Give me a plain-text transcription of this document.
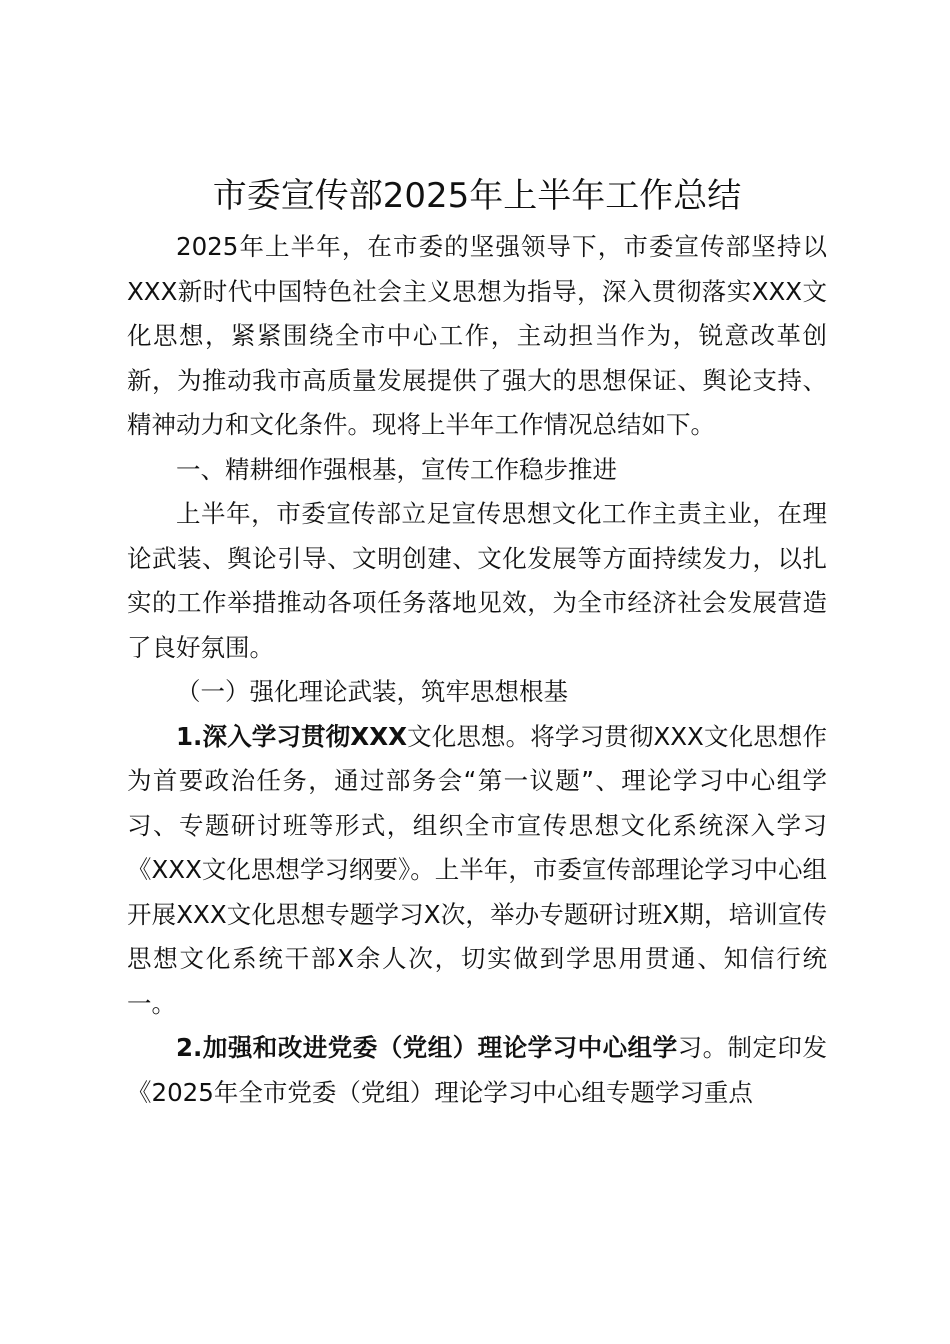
市委宣传部2025年上半年工作总结

2025年上半年，在市委的坚强领导下，市委宣传部坚持以XXX新时代中国特色社会主义思想为指导，深入贯彻落实XXX文化思想，紧紧围绕全市中心工作，主动担当作为，锐意改革创新，为推动我市高质量发展提供了强大的思想保证、舆论支持、精神动力和文化条件。现将上半年工作情况总结如下。

一、精耕细作强根基，宣传工作稳步推进

上半年，市委宣传部立足宣传思想文化工作主责主业，在理论武装、舆论引导、文明创建、文化发展等方面持续发力，以扎实的工作举措推动各项任务落地见效，为全市经济社会发展营造了良好氛围。

（一）强化理论武装，筑牢思想根基

1.深入学习贯彻XXX文化思想。将学习贯彻XXX文化思想作为首要政治任务，通过部务会“第一议题”、理论学习中心组学习、专题研讨班等形式，组织全市宣传思想文化系统深入学习《XXX文化思想学习纲要》。上半年，市委宣传部理论学习中心组开展XXX文化思想专题学习X次，举办专题研讨班X期，培训宣传思想文化系统干部X余人次，切实做到学思用贯通、知信行统一。

2.加强和改进党委（党组）理论学习中心组学习。制定印发《2025年全市党委（党组）理论学习中心组专题学习重点
